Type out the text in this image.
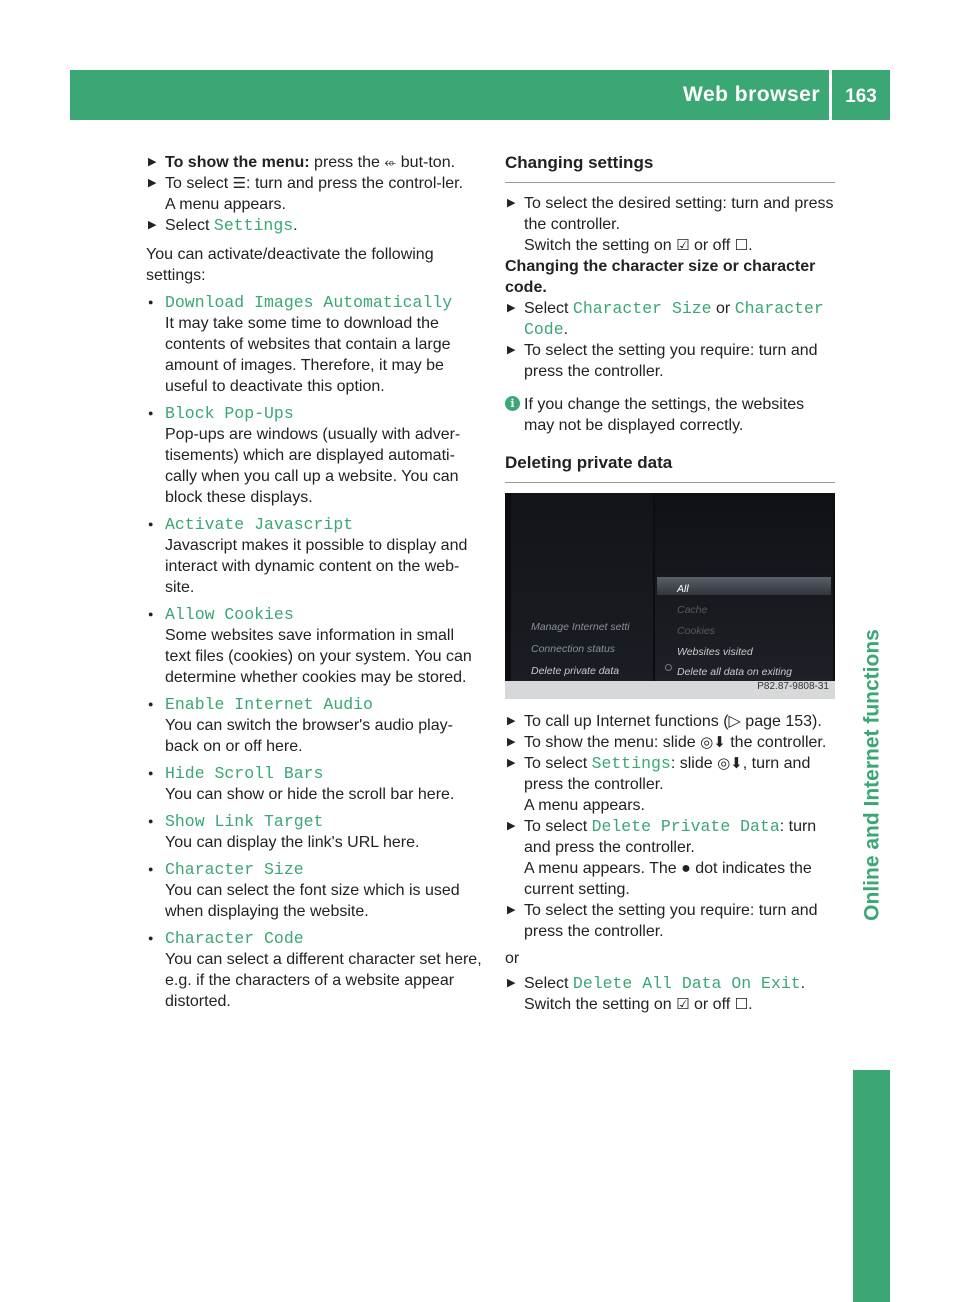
Web browser	163
Online and Internet functions

▶ To show the menu: press the ⬰ but-ton.

▶ To select ☰: turn and press the control-ler.
A menu appears.

▶ Select Settings.

You can activate/deactivate the following settings:

● Download Images Automatically

It may take some time to download the contents of websites that contain a large amount of images. Therefore, it may be useful to deactivate this option.

● Block Pop-Ups

Pop-ups are windows (usually with adver-tisements) which are displayed automati-cally when you call up a website. You can block these displays.

● Activate Javascript

Javascript makes it possible to display and interact with dynamic content on the web-site.

● Allow Cookies

Some websites save information in small text files (cookies) on your system. You can determine whether cookies may be stored.

● Enable Internet Audio

You can switch the browser's audio play-back on or off here.

● Hide Scroll Bars

You can show or hide the scroll bar here.

● Show Link Target

You can display the link's URL here.

● Character Size

You can select the font size which is used when displaying the website.

● Character Code

You can select a different character set here, e.g. if the characters of a website appear distorted.

Changing settings

▶ To select the desired setting: turn and press the controller.
Switch the setting on ☑ or off ☐.

Changing the character size or character code.

▶ Select Character Size or Character Code.

▶ To select the setting you require: turn and press the controller.

i If you change the settings, the websites may not be displayed correctly.
Deleting private data
Manage Internet setti
Connection status
Delete private data
All
Cache
Cookies
Websites visited
Delete all data on exiting
P82.87-9808-31

▶ To call up Internet functions (▷ page 153).

▶ To show the menu: slide ◎⬇ the controller.

▶ To select Settings: slide ◎⬇, turn and press the controller.
A menu appears.

▶ To select Delete Private Data: turn and press the controller.
A menu appears. The ● dot indicates the current setting.

▶ To select the setting you require: turn and press the controller.

or

▶ Select Delete All Data On Exit.
Switch the setting on ☑ or off ☐.
